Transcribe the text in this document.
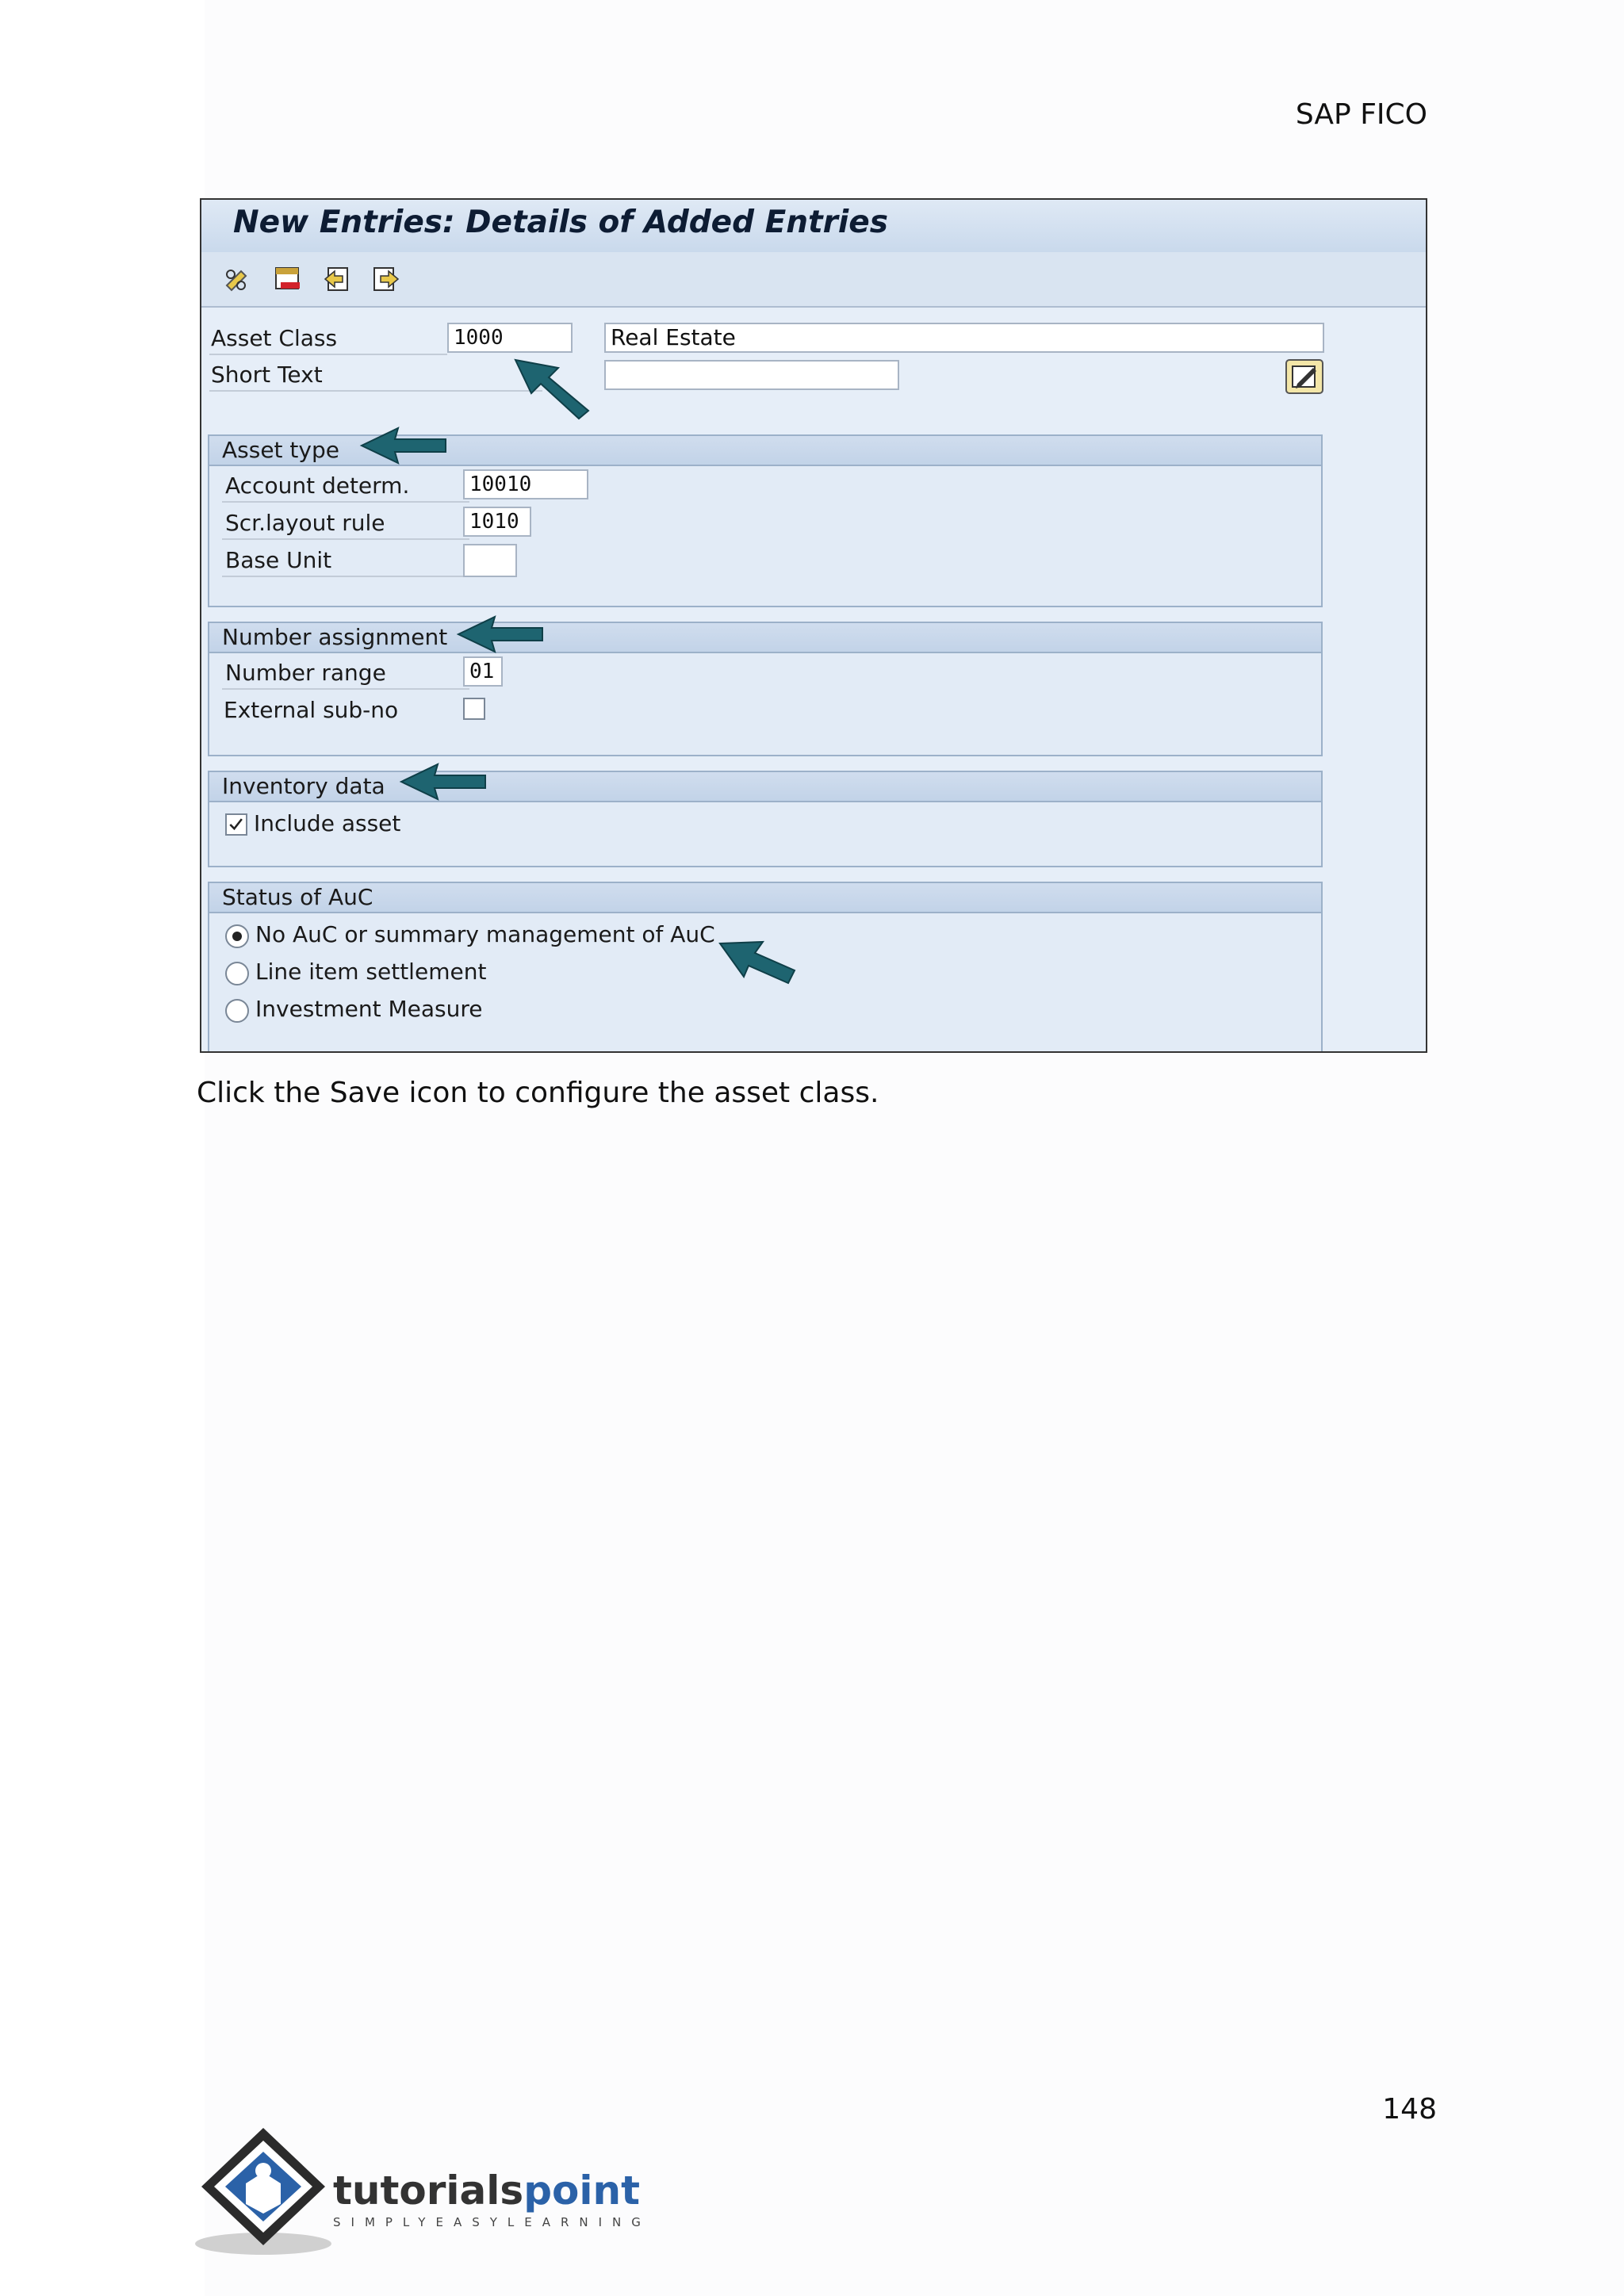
SAP FICO
New Entries: Details of Added Entries
Asset Class	1000	Real Estate
Short Text
Asset type
Account determ.	10010
Scr.layout rule	1010
Base Unit
Number assignment
Number range	01
External sub-no
Inventory data
Include asset
Status of AuC
No AuC or summary management of AuC
Line item settlement
Investment Measure
Click the Save icon to configure the asset class.
148
tutorialspoint
SIMPLYEASYLEARNING
